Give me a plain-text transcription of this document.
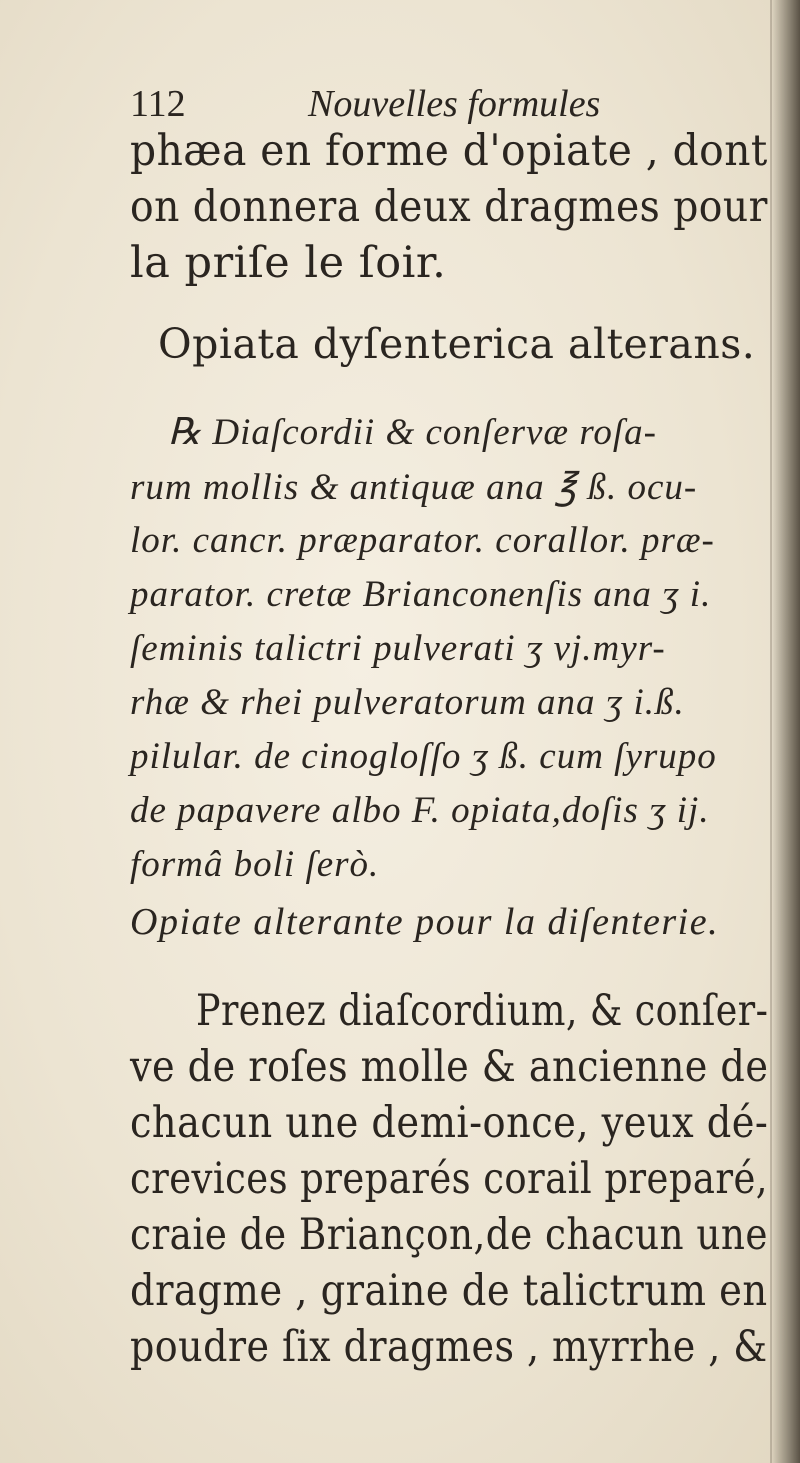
112	Nouvelles formules
phæa en forme d'opiate , dont
on donnera deux dragmes pour
la priſe le ſoir.
Opiata dyſenterica alterans.
℞ Diaſcordii & conſervæ roſa-
rum mollis & antiquæ ana ℥ ß. ocu-
lor. cancr. præparator. corallor. præ-
parator. cretæ Brianconenſis ana ʒ i.
ſeminis talictri pulverati ʒ vj.myr-
rhæ & rhei pulveratorum ana ʒ i.ß.
pilular. de cinogloſſo ʒ ß. cum ſyrupo
de papavere albo F. opiata,doſis ʒ ij.
formâ boli ſerò.
Opiate alterante pour la diſenterie.
Prenez diaſcordium, & conſer-
ve de roſes molle & ancienne de
chacun une demi-once, yeux dé-
crevices preparés corail preparé,
craie de Briançon,de chacun une
dragme , graine de talictrum en
poudre ſix dragmes , myrrhe , &
